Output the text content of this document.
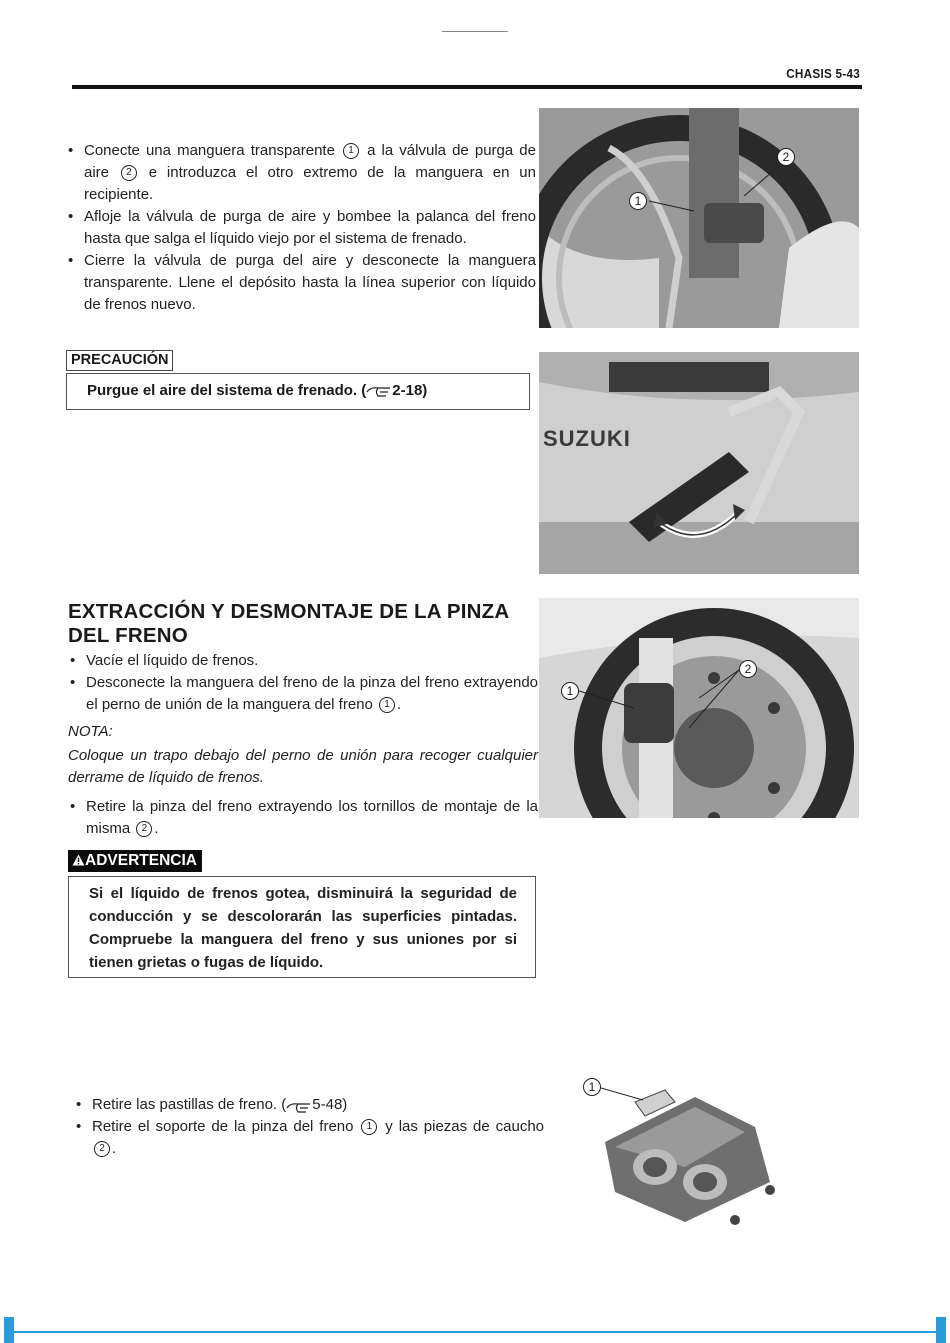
CHASIS 5-43
• Conecte una manguera transparente 1 a la válvula de purga de aire 2 e introduzca el otro extremo de la manguera en un recipiente.
• Afloje la válvula de purga de aire y bombee la palanca del freno hasta que salga el líquido viejo por el sistema de frenado.
• Cierre la válvula de purga del aire y desconecte la manguera transparente. Llene el depósito hasta la línea superior con líquido de frenos nuevo.
PRECAUCIÓN
Purgue el aire del sistema de frenado. ( 2-18)
1
2
SUZUKI
EXTRACCIÓN Y DESMONTAJE DE LA PINZA
DEL FRENO
• Vacíe el líquido de frenos.
• Desconecte la manguera del freno de la pinza del freno extrayendo el perno de unión de la manguera del freno 1 .
NOTA:
Coloque un trapo debajo del perno de unión para recoger cualquier derrame de líquido de frenos.
• Retire la pinza del freno extrayendo los tornillos de montaje de la misma 2 .
ADVERTENCIA
Si el líquido de frenos gotea, disminuirá la seguridad de conducción y se descolorarán las superficies pintadas. Compruebe la manguera del freno y sus uniones por si tienen grietas o fugas de líquido.
1
2
• Retire las pastillas de freno. ( 5-48)
• Retire el soporte de la pinza del freno 1 y las piezas de caucho 2 .
1
